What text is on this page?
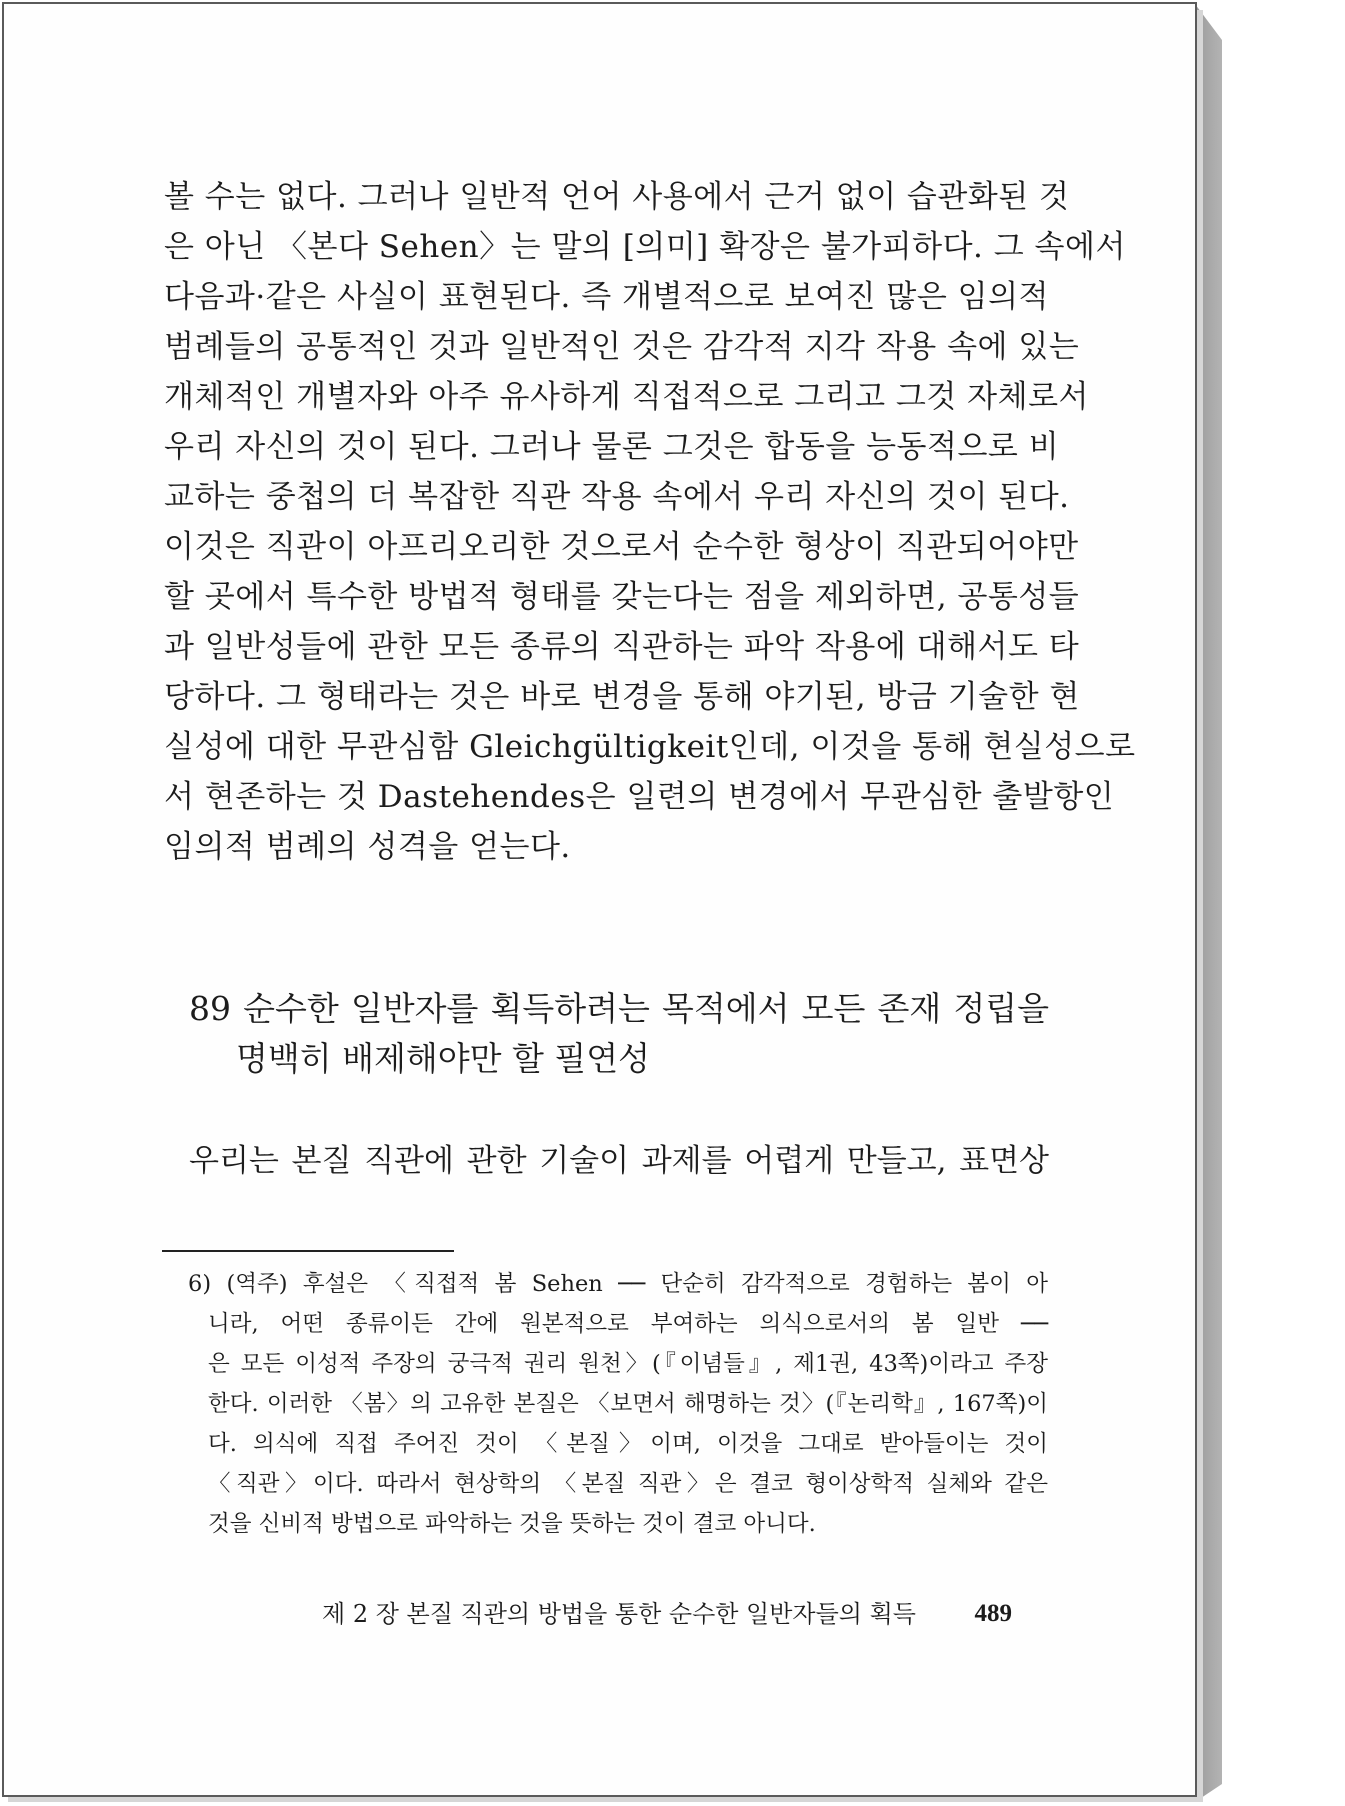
볼 수는 없다. 그러나 일반적 언어 사용에서 근거 없이 습관화된 것
은 아닌 〈본다 Sehen〉는 말의 [의미] 확장은 불가피하다. 그 속에서
다음과·같은 사실이 표현된다. 즉 개별적으로 보여진 많은 임의적
범례들의 공통적인 것과 일반적인 것은 감각적 지각 작용 속에 있는
개체적인 개별자와 아주 유사하게 직접적으로 그리고 그것 자체로서
우리 자신의 것이 된다. 그러나 물론 그것은 합동을 능동적으로 비
교하는 중첩의 더 복잡한 직관 작용 속에서 우리 자신의 것이 된다.
이것은 직관이 아프리오리한 것으로서 순수한 형상이 직관되어야만
할 곳에서 특수한 방법적 형태를 갖는다는 점을 제외하면, 공통성들
과 일반성들에 관한 모든 종류의 직관하는 파악 작용에 대해서도 타
당하다. 그 형태라는 것은 바로 변경을 통해 야기된, 방금 기술한 현
실성에 대한 무관심함 Gleichgültigkeit인데, 이것을 통해 현실성으로
서 현존하는 것 Dastehendes은 일련의 변경에서 무관심한 출발항인
임의적 범례의 성격을 얻는다.
89 순수한 일반자를 획득하려는 목적에서 모든 존재 정립을
명백히 배제해야만 할 필연성
우리는 본질 직관에 관한 기술이 과제를 어렵게 만들고, 표면상
6) (역주) 후설은 〈직접적 봄 Sehen ── 단순히 감각적으로 경험하는 봄이 아
니라, 어떤 종류이든 간에 원본적으로 부여하는 의식으로서의 봄 일반 ──
은 모든 이성적 주장의 궁극적 권리 원천〉(『이념들』, 제1권, 43쪽)이라고 주장
한다. 이러한 〈봄〉의 고유한 본질은 〈보면서 해명하는 것〉(『논리학』, 167쪽)이
다. 의식에 직접 주어진 것이 〈본질〉이며, 이것을 그대로 받아들이는 것이
〈직관〉이다. 따라서 현상학의 〈본질 직관〉은 결코 형이상학적 실체와 같은
것을 신비적 방법으로 파악하는 것을 뜻하는 것이 결코 아니다.
제 2 장 본질 직관의 방법을 통한 순수한 일반자들의 획득 489
